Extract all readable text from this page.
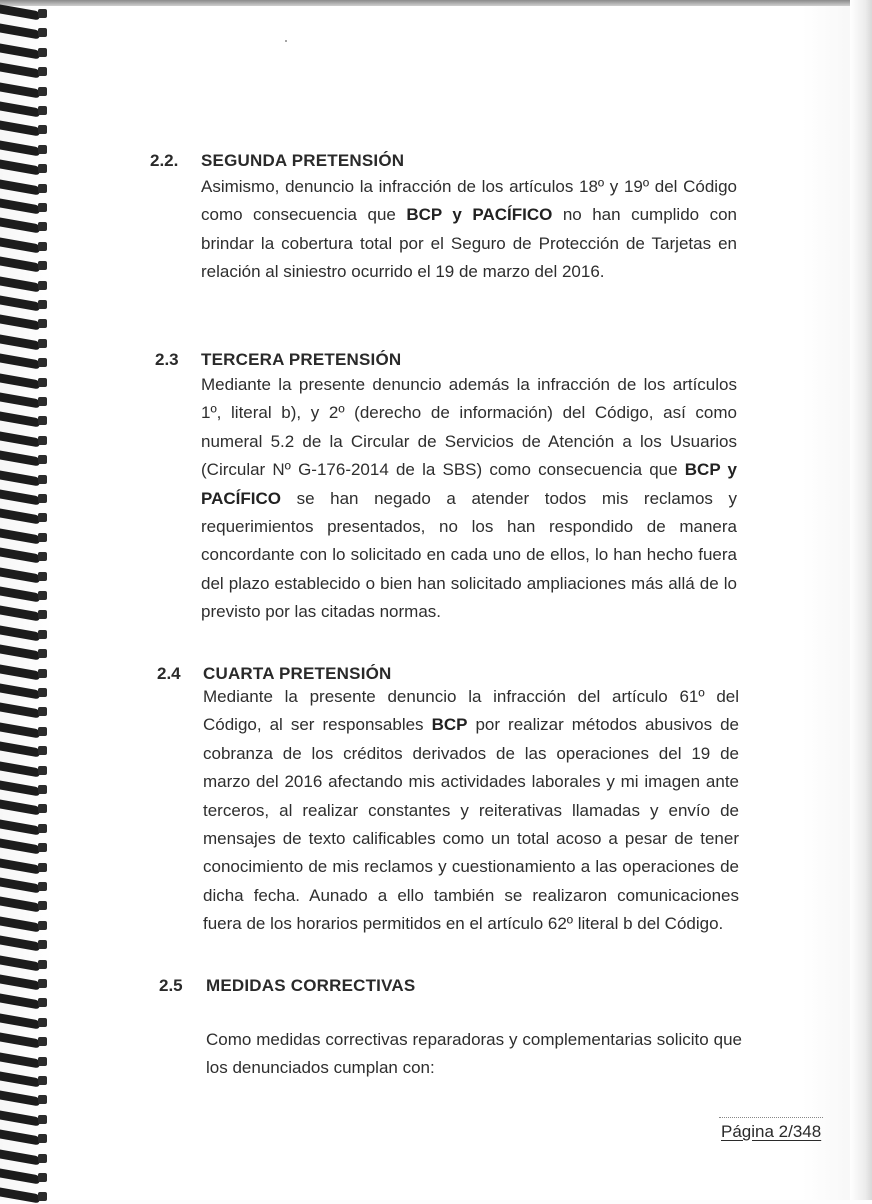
2.2. SEGUNDA PRETENSIÓN

Asimismo, denuncio la infracción de los artículos 18º y 19º del Código como consecuencia que BCP y PACÍFICO no han cumplido con brindar la cobertura total por el Seguro de Protección de Tarjetas en relación al siniestro ocurrido el 19 de marzo del 2016.

2.3 TERCERA PRETENSIÓN

Mediante la presente denuncio además la infracción de los artículos 1º, literal b), y 2º (derecho de información) del Código, así como numeral 5.2 de la Circular de Servicios de Atención a los Usuarios (Circular Nº G-176-2014 de la SBS) como consecuencia que BCP y PACÍFICO se han negado a atender todos mis reclamos y requerimientos presentados, no los han respondido de manera concordante con lo solicitado en cada uno de ellos, lo han hecho fuera del plazo establecido o bien han solicitado ampliaciones más allá de lo previsto por las citadas normas.

2.4 CUARTA PRETENSIÓN

Mediante la presente denuncio la infracción del artículo 61º del Código, al ser responsables BCP por realizar métodos abusivos de cobranza de los créditos derivados de las operaciones del 19 de marzo del 2016 afectando mis actividades laborales y mi imagen ante terceros, al realizar constantes y reiterativas llamadas y envío de mensajes de texto calificables como un total acoso a pesar de tener conocimiento de mis reclamos y cuestionamiento a las operaciones de dicha fecha. Aunado a ello también se realizaron comunicaciones fuera de los horarios permitidos en el artículo 62º literal b del Código.

2.5 MEDIDAS CORRECTIVAS

Como medidas correctivas reparadoras y complementarias solicito que los denunciados cumplan con:

Página 2/348
